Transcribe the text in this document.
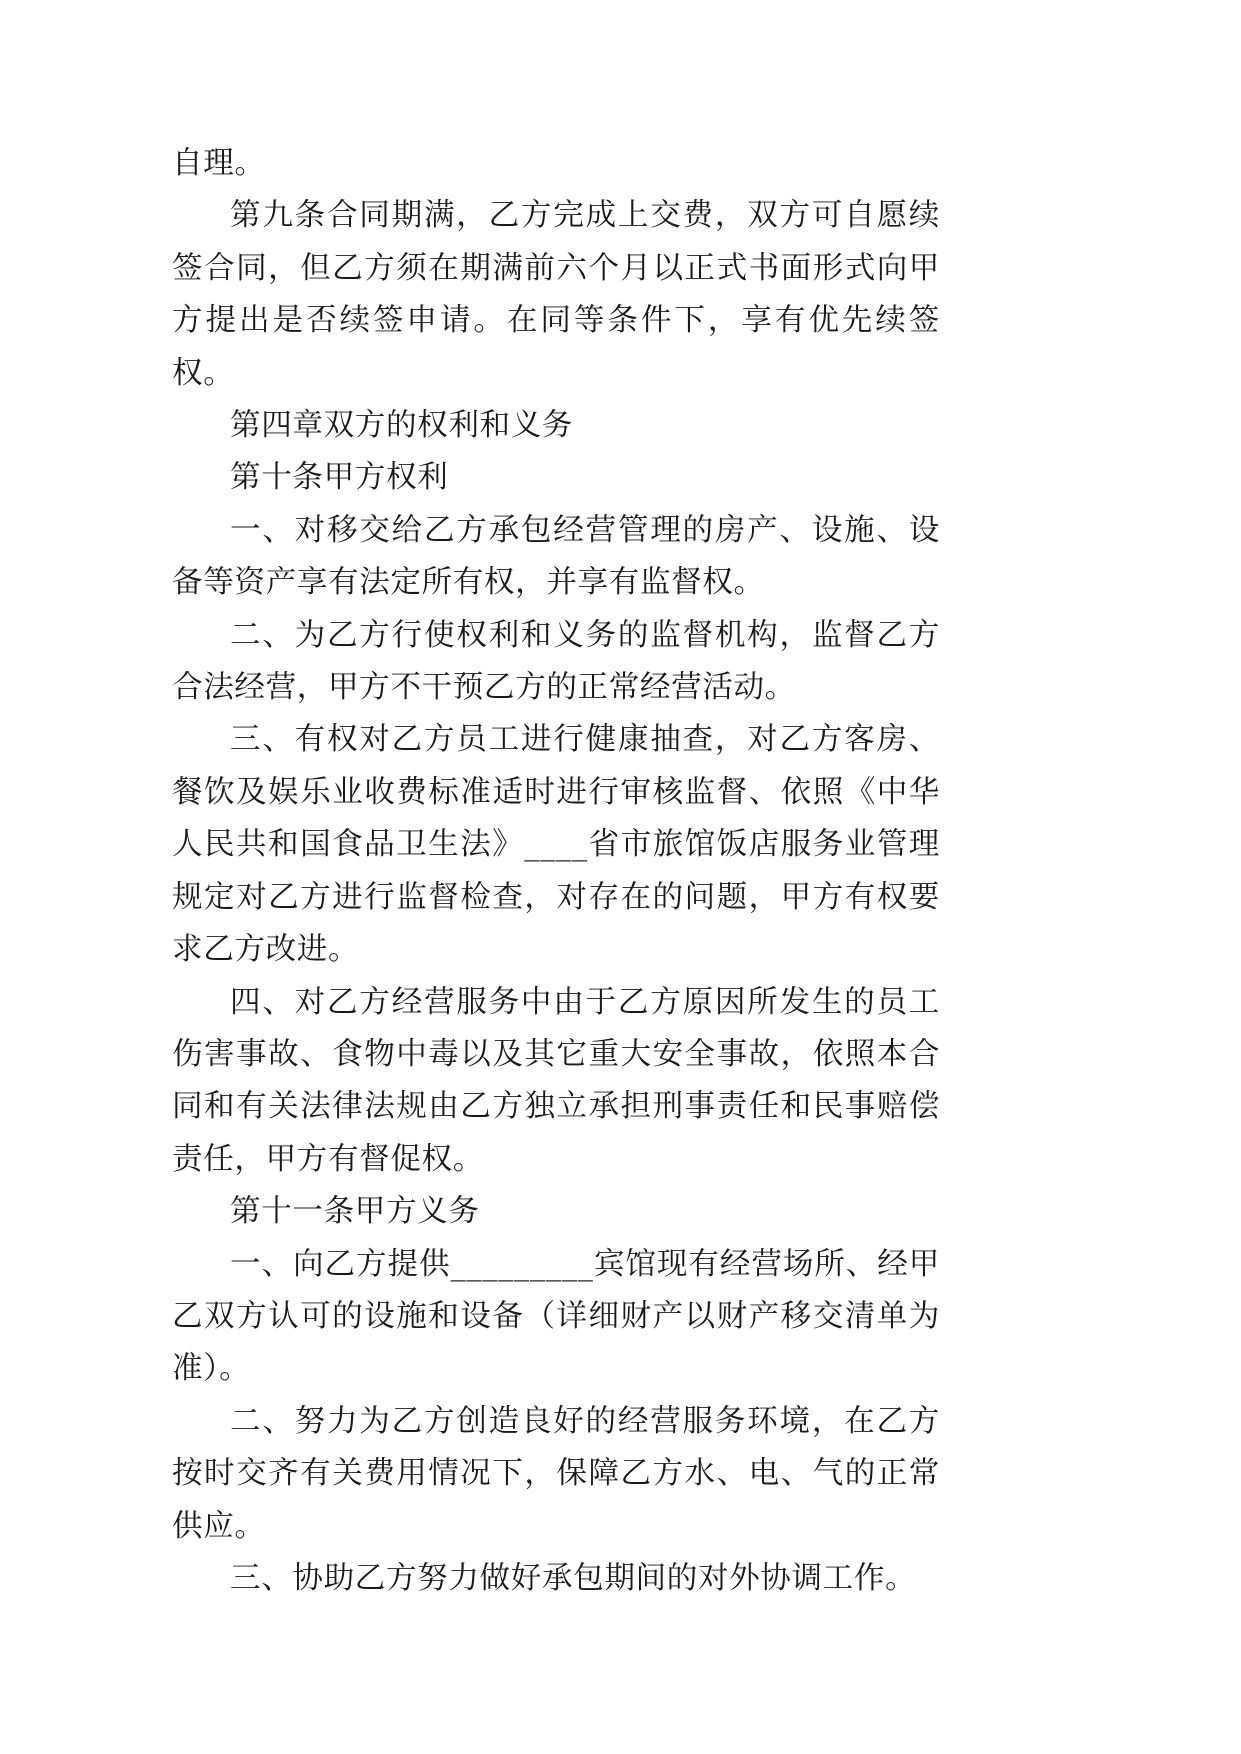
自理。

第九条合同期满，乙方完成上交费，双方可自愿续签合同，但乙方须在期满前六个月以正式书面形式向甲方提出是否续签申请。在同等条件下，享有优先续签权。

第四章双方的权利和义务

第十条甲方权利

一、对移交给乙方承包经营管理的房产、设施、设备等资产享有法定所有权，并享有监督权。

二、为乙方行使权利和义务的监督机构，监督乙方合法经营，甲方不干预乙方的正常经营活动。

三、有权对乙方员工进行健康抽查，对乙方客房、餐饮及娱乐业收费标准适时进行审核监督、依照《中华人民共和国食品卫生法》____省市旅馆饭店服务业管理规定对乙方进行监督检查，对存在的问题，甲方有权要求乙方改进。

四、对乙方经营服务中由于乙方原因所发生的员工伤害事故、食物中毒以及其它重大安全事故，依照本合同和有关法律法规由乙方独立承担刑事责任和民事赔偿责任，甲方有督促权。

第十一条甲方义务

一、向乙方提供_________宾馆现有经营场所、经甲乙双方认可的设施和设备（详细财产以财产移交清单为准）。

二、努力为乙方创造良好的经营服务环境，在乙方按时交齐有关费用情况下，保障乙方水、电、气的正常供应。

三、协助乙方努力做好承包期间的对外协调工作。
